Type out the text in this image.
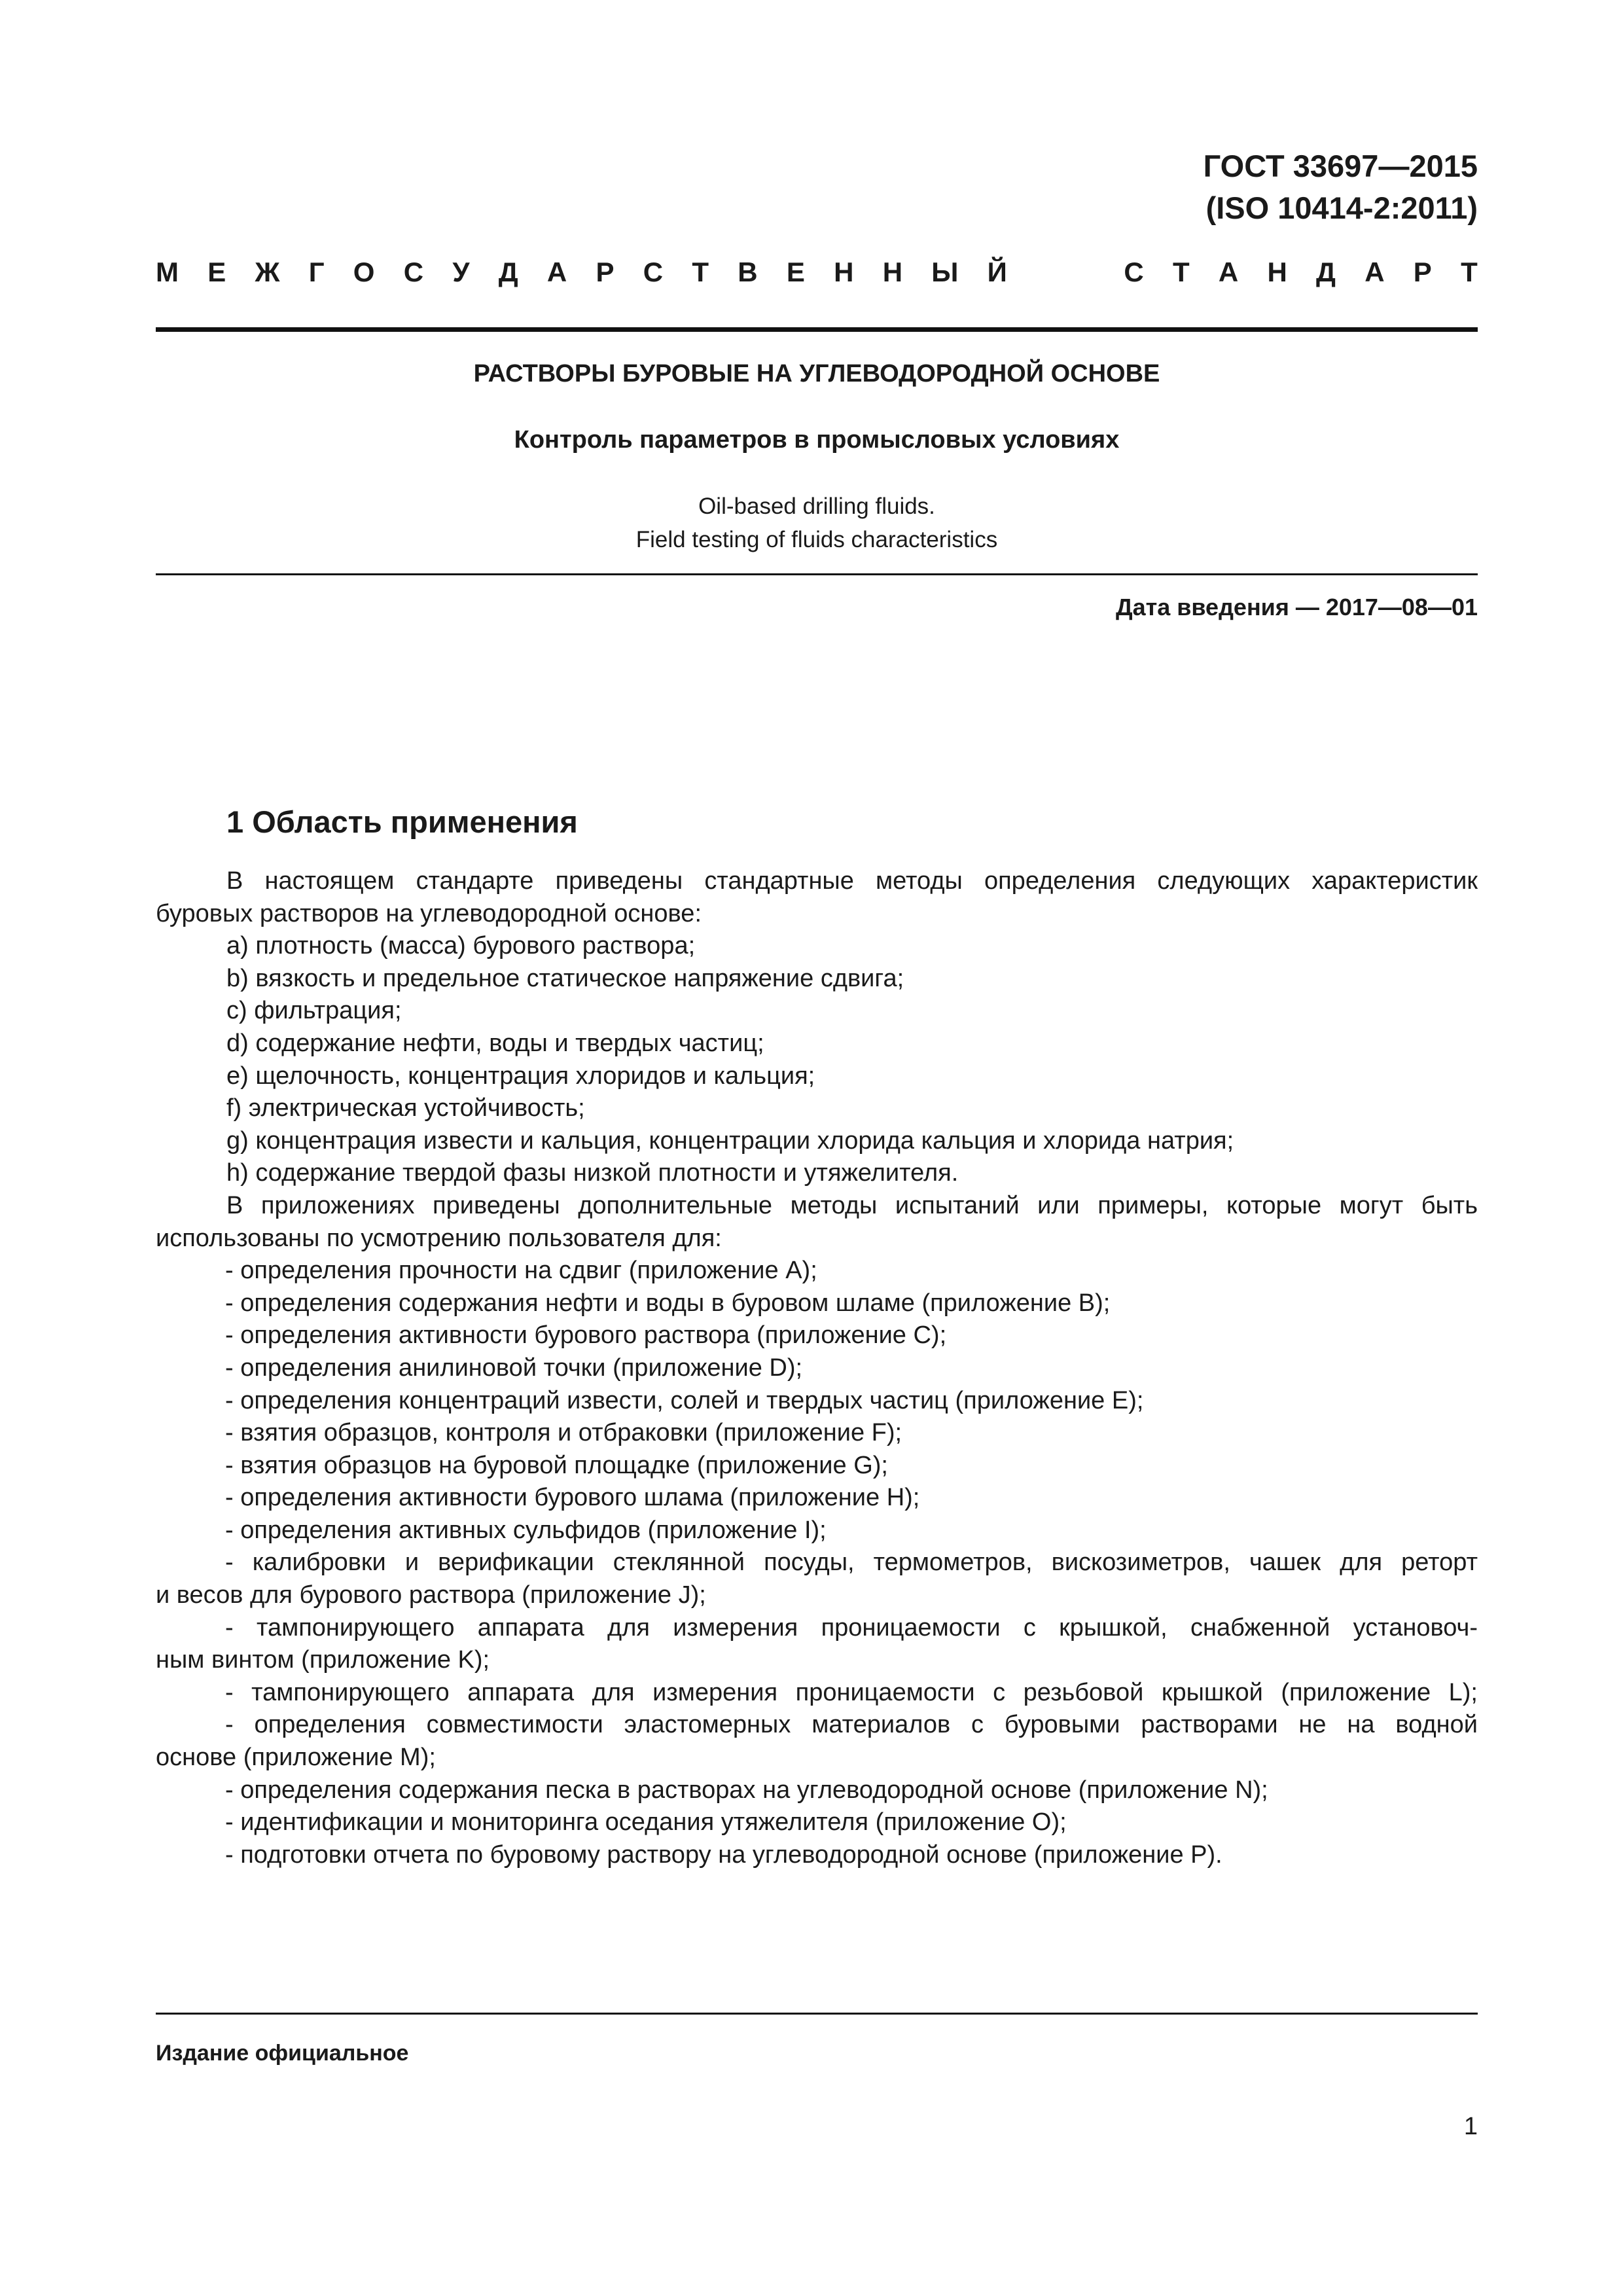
ГОСТ 33697—2015
(ISO 10414-2:2011)
М Е Ж Г О С У Д А Р С Т В Е Н Н Ы Й	С Т А Н Д А Р Т
РАСТВОРЫ БУРОВЫЕ НА УГЛЕВОДОРОДНОЙ ОСНОВЕ
Контроль параметров в промысловых условиях
Oil-based drilling fluids.
Field testing of fluids characteristics
Дата введения — 2017—08—01
1 Область применения

В настоящем стандарте приведены стандартные методы определения следующих характеристик

буровых растворов на углеводородной основе:

a) плотность (масса) бурового раствора;

b) вязкость и предельное статическое напряжение сдвига;

c) фильтрация;

d) содержание нефти, воды и твердых частиц;

e) щелочность, концентрация хлоридов и кальция;

f) электрическая устойчивость;

g) концентрация извести и кальция, концентрации хлорида кальция и хлорида натрия;

h) содержание твердой фазы низкой плотности и утяжелителя.

В приложениях приведены дополнительные методы испытаний или примеры, которые могут быть

использованы по усмотрению пользователя для:

- определения прочности на сдвиг (приложение А);

- определения содержания нефти и воды в буровом шламе (приложение В);

- определения активности бурового раствора (приложение С);

- определения анилиновой точки (приложение D);

- определения концентраций извести, солей и твердых частиц (приложение Е);

- взятия образцов, контроля и отбраковки (приложение F);

- взятия образцов на буровой площадке (приложение G);

- определения активности бурового шлама (приложение Н);

- определения активных сульфидов (приложение I);

- калибровки и верификации стеклянной посуды, термометров, вискозиметров, чашек для реторт

и весов для бурового раствора (приложение J);

- тампонирующего аппарата для измерения проницаемости с крышкой, снабженной установоч-

ным винтом (приложение K);

- тампонирующего аппарата для измерения проницаемости с резьбовой крышкой (приложение L);

- определения совместимости эластомерных материалов с буровыми растворами не на водной

основе (приложение М);

- определения содержания песка в растворах на углеводородной основе (приложение N);

- идентификации и мониторинга оседания утяжелителя (приложение О);

- подготовки отчета по буровому раствору на углеводородной основе (приложение Р).

Издание официальное
1
